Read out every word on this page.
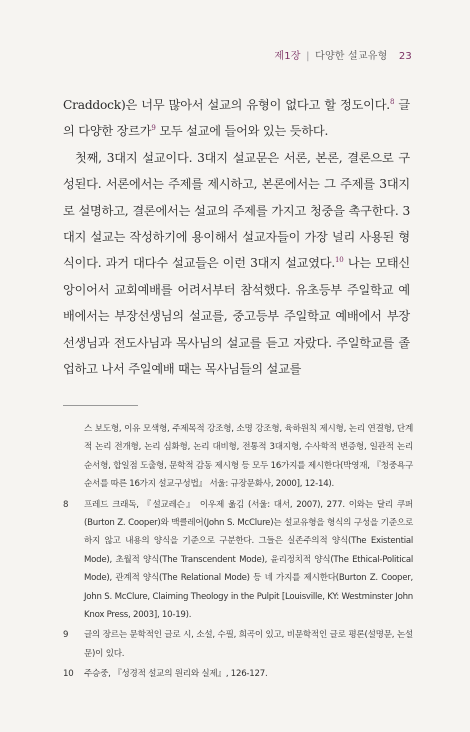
제1장 | 다양한 설교유형 23

Craddock)은 너무 많아서 설교의 유형이 없다고 할 정도이다.$^8$ 글의 다양한 장르가$^9$ 모두 설교에 들어와 있는 듯하다.

첫째, 3대지 설교이다. 3대지 설교문은 서론, 본론, 결론으로 구성된다. 서론에서는 주제를 제시하고, 본론에서는 그 주제를 3대지로 설명하고, 결론에서는 설교의 주제를 가지고 청중을 촉구한다. 3대지 설교는 작성하기에 용이해서 설교자들이 가장 널리 사용된 형식이다. 과거 대다수 설교들은 이런 3대지 설교였다.$^{10}$ 나는 모태신앙이어서 교회예배를 어려서부터 참석했다. 유초등부 주일학교 예배에서는 부장선생님의 설교를, 중고등부 주일학교 예배에서 부장선생님과 전도사님과 목사님의 설교를 듣고 자랐다. 주일학교를 졸업하고 나서 주일예배 때는 목사님들의 설교를

스 보도형, 이유 모색형, 주제목적 강조형, 소명 강조형, 육하원칙 제시형, 논리 연결형, 단계적 논리 전개형, 논리 심화형, 논리 대비형, 전통적 3대지형, 수사학적 변증형, 일관적 논리 순서형, 합일점 도출형, 문학적 감동 제시형 등 모두 16가지를 제시한다(박영재, 『청중욕구 순서를 따른 16가지 설교구성법』 서울: 규장문화사, 2000], 12-14).

8 프레드 크래독, 『설교레슨』 이우제 옮김 (서울: 대서, 2007), 277. 이와는 달리 쿠퍼(Burton Z. Cooper)와 맥클레어(John S. McClure)는 설교유형을 형식의 구성을 기준으로 하지 않고 내용의 양식을 기준으로 구분한다. 그들은 실존주의적 양식(The Existential Mode), 초월적 양식(The Transcendent Mode), 윤리정치적 양식(The Ethical-Political Mode), 관계적 양식(The Relational Mode) 등 네 가지를 제시한다(Burton Z. Cooper, John S. McClure, Claiming Theology in the Pulpit [Louisville, KY: Westminster John Knox Press, 2003], 10-19).

9 글의 장르는 문학적인 글로 시, 소설, 수필, 희곡이 있고, 비문학적인 글로 평론(설명문, 논설문)이 있다.

10 주승중, 『성경적 설교의 원리와 실제』, 126-127.
